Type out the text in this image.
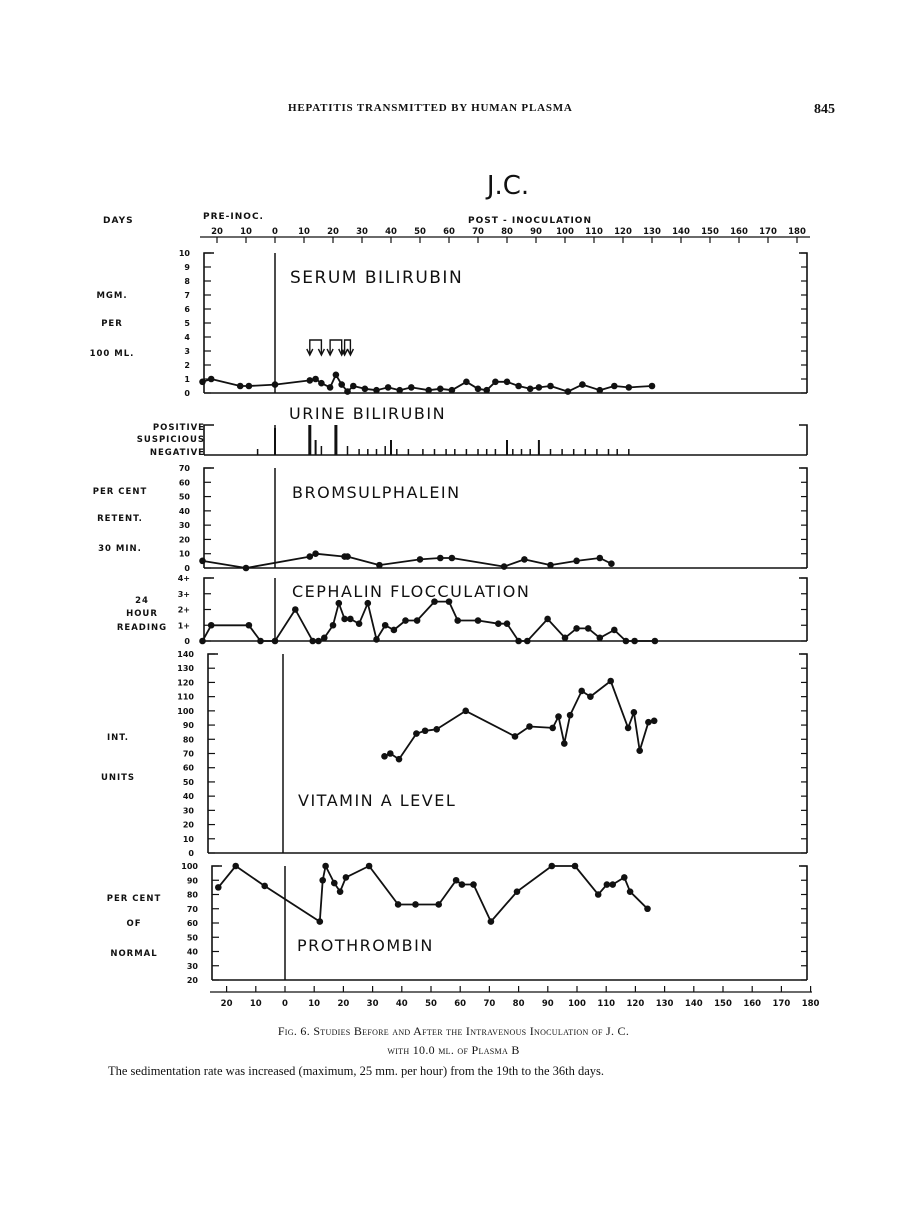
HEPATITIS TRANSMITTED BY HUMAN PLASMA	845
J.C.
DAYS	PRE-INOC.	POST - INOCULATION
20 10 0 10 20 30 40 50 60 70 80 90 100 110 120 130 140 150 160 170 180
20 10 0 10 20 30 40 50 60 70 80 90 100 110 120 130 140 150 160 170 180
SERUM BILIRUBIN
MGM.
PER
100 ML.
10
9
8
7
6
5
4
3
2
1
0
URINE BILIRUBIN
POSITIVE
SUSPICIOUS
NEGATIVE
BROMSULPHALEIN
PER CENT
RETENT.
30 MIN.
70
60
50
40
30
20
10
0
CEPHALIN FLOCCULATION
24
HOUR
READING
4+
3+
2+
1+
0
VITAMIN A LEVEL
INT.
UNITS
140
130
120
110
100
90
80
70
60
50
40
30
20
10
0
PROTHROMBIN
PER CENT
OF
NORMAL
100
90
80
70
60
50
40
30
20
Fig. 6. Studies Before and After the Intravenous Inoculation of J. C.
with 10.0 ml. of Plasma B
The sedimentation rate was increased (maximum, 25 mm. per hour) from the 19th to the 36th days.
